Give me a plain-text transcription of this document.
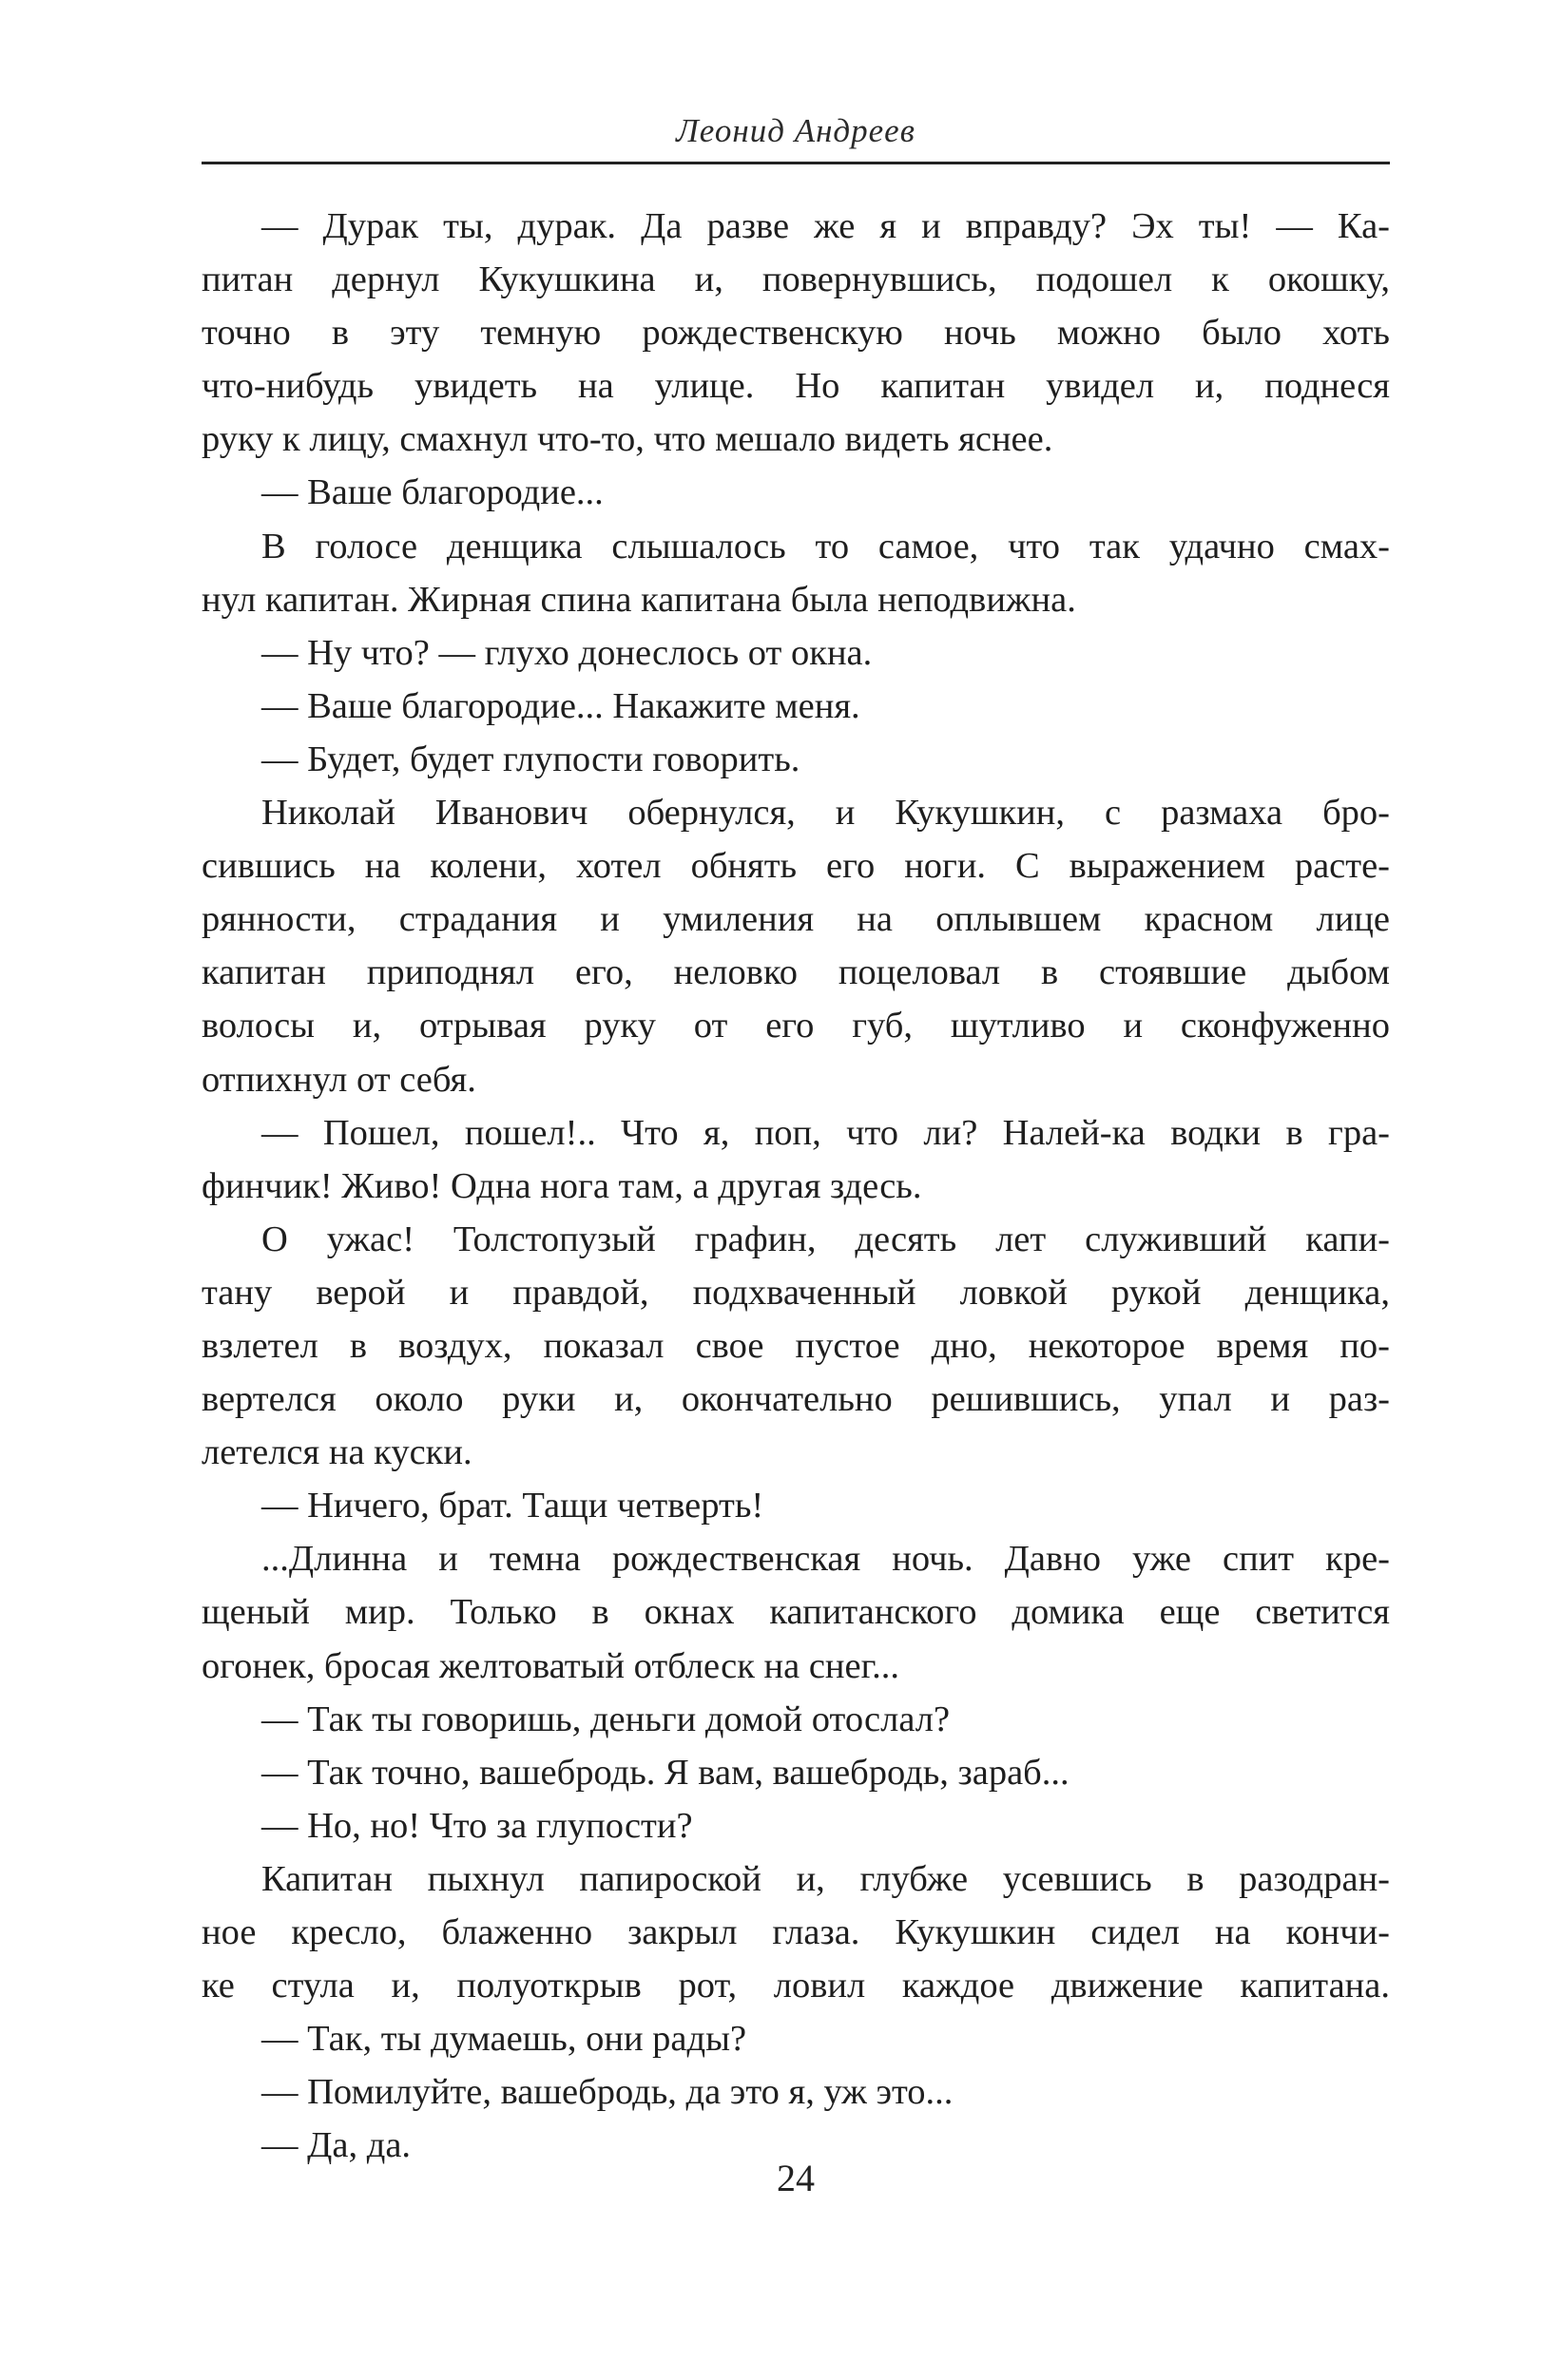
Леонид Андреев
— Дурак ты, дурак. Да разве же я и вправду? Эх ты! — Ка-
питан дернул Кукушкина и, повернувшись, подошел к окошку,
точно в эту темную рождественскую ночь можно было хоть
что-нибудь увидеть на улице. Но капитан увидел и, поднеся
руку к лицу, смахнул что-то, что мешало видеть яснее.
— Ваше благородие...
В голосе денщика слышалось то самое, что так удачно смах-
нул капитан. Жирная спина капитана была неподвижна.
— Ну что? — глухо донеслось от окна.
— Ваше благородие... Накажите меня.
— Будет, будет глупости говорить.
Николай Иванович обернулся, и Кукушкин, с размаха бро-
сившись на колени, хотел обнять его ноги. С выражением расте-
рянности, страдания и умиления на оплывшем красном лице
капитан приподнял его, неловко поцеловал в стоявшие дыбом
волосы и, отрывая руку от его губ, шутливо и сконфуженно
отпихнул от себя.
— Пошел, пошел!.. Что я, поп, что ли? Налей-ка водки в гра-
финчик! Живо! Одна нога там, а другая здесь.
О ужас! Толстопузый графин, десять лет служивший капи-
тану верой и правдой, подхваченный ловкой рукой денщика,
взлетел в воздух, показал свое пустое дно, некоторое время по-
вертелся около руки и, окончательно решившись, упал и раз-
летелся на куски.
— Ничего, брат. Тащи четверть!
...Длинна и темна рождественская ночь. Давно уже спит кре-
щеный мир. Только в окнах капитанского домика еще светится
огонек, бросая желтоватый отблеск на снег...
— Так ты говоришь, деньги домой отослал?
— Так точно, вашебродь. Я вам, вашебродь, зараб...
— Но, но! Что за глупости?
Капитан пыхнул папироской и, глубже усевшись в разодран-
ное кресло, блаженно закрыл глаза. Кукушкин сидел на кончи-
ке стула и, полуоткрыв рот, ловил каждое движение капитана.
— Так, ты думаешь, они рады?
— Помилуйте, вашебродь, да это я, уж это...
— Да, да.
24
